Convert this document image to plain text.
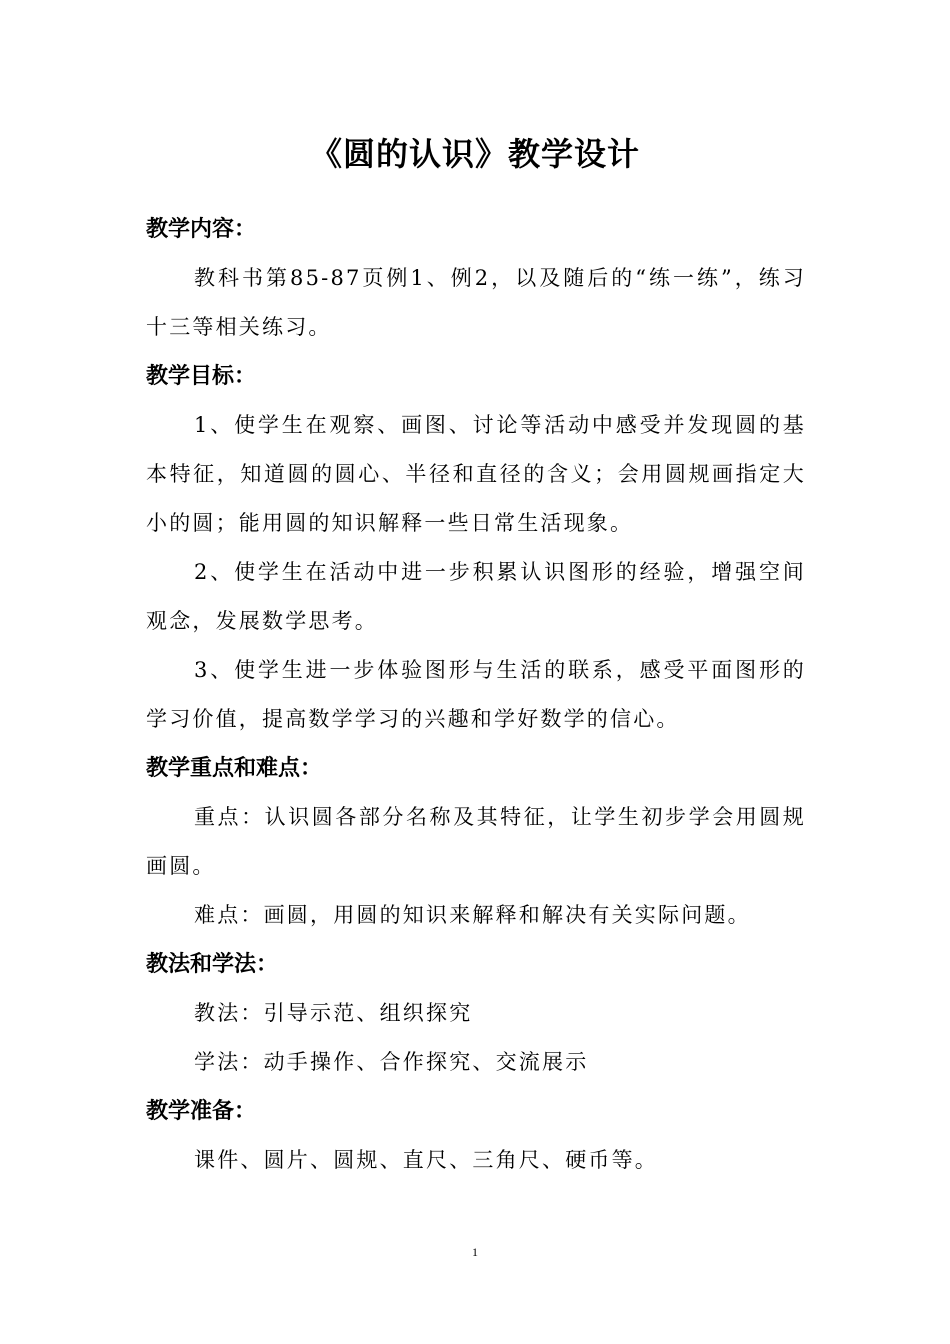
《圆的认识》教学设计
教学内容：

教科书第85-87页例1、例2，以及随后的“练一练”，练习十三等相关练习。

教学目标：

1、使学生在观察、画图、讨论等活动中感受并发现圆的基本特征，知道圆的圆心、半径和直径的含义；会用圆规画指定大小的圆；能用圆的知识解释一些日常生活现象。

2、使学生在活动中进一步积累认识图形的经验，增强空间观念，发展数学思考。

3、使学生进一步体验图形与生活的联系，感受平面图形的学习价值，提高数学学习的兴趣和学好数学的信心。

教学重点和难点：

重点：认识圆各部分名称及其特征，让学生初步学会用圆规画圆。

难点：画圆，用圆的知识来解释和解决有关实际问题。

教法和学法：

教法：引导示范、组织探究

学法：动手操作、合作探究、交流展示

教学准备：

课件、圆片、圆规、直尺、三角尺、硬币等。

1
